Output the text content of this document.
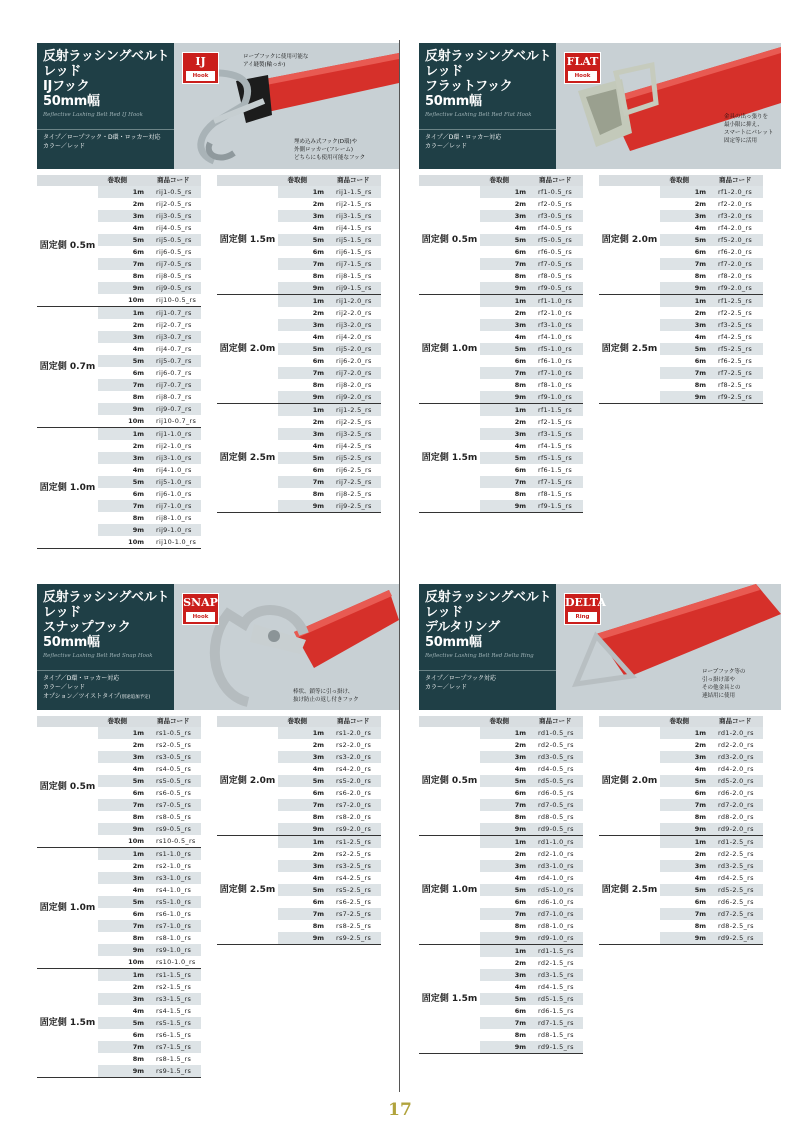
反射ラッシングベルト
レッド
IJフック
50mm幅
Reflective Lashing Belt Red IJ Hook
タイプ／ロープフック・D環・ロッカー対応
カラー／レッド
IJ
Hook
ロープフックに使用可能な
アイ縫製(輪っか)
埋め込み式フック(D環)や
外側ロッカー(フレーム)
どちらにも使用可能なフック
巻取側	商品コード
固定側 0.5m
1m	rij1-0.5_rs
2m	rij2-0.5_rs
3m	rij3-0.5_rs
4m	rij4-0.5_rs
5m	rij5-0.5_rs
6m	rij6-0.5_rs
7m	rij7-0.5_rs
8m	rij8-0.5_rs
9m	rij9-0.5_rs
10m	rij10-0.5_rs
固定側 0.7m
1m	rij1-0.7_rs
2m	rij2-0.7_rs
3m	rij3-0.7_rs
4m	rij4-0.7_rs
5m	rij5-0.7_rs
6m	rij6-0.7_rs
7m	rij7-0.7_rs
8m	rij8-0.7_rs
9m	rij9-0.7_rs
10m	rij10-0.7_rs
固定側 1.0m
1m	rij1-1.0_rs
2m	rij2-1.0_rs
3m	rij3-1.0_rs
4m	rij4-1.0_rs
5m	rij5-1.0_rs
6m	rij6-1.0_rs
7m	rij7-1.0_rs
8m	rij8-1.0_rs
9m	rij9-1.0_rs
10m	rij10-1.0_rs
巻取側	商品コード
固定側 1.5m
1m	rij1-1.5_rs
2m	rij2-1.5_rs
3m	rij3-1.5_rs
4m	rij4-1.5_rs
5m	rij5-1.5_rs
6m	rij6-1.5_rs
7m	rij7-1.5_rs
8m	rij8-1.5_rs
9m	rij9-1.5_rs
固定側 2.0m
1m	rij1-2.0_rs
2m	rij2-2.0_rs
3m	rij3-2.0_rs
4m	rij4-2.0_rs
5m	rij5-2.0_rs
6m	rij6-2.0_rs
7m	rij7-2.0_rs
8m	rij8-2.0_rs
9m	rij9-2.0_rs
固定側 2.5m
1m	rij1-2.5_rs
2m	rij2-2.5_rs
3m	rij3-2.5_rs
4m	rij4-2.5_rs
5m	rij5-2.5_rs
6m	rij6-2.5_rs
7m	rij7-2.5_rs
8m	rij8-2.5_rs
9m	rij9-2.5_rs
反射ラッシングベルト
レッド
フラットフック
50mm幅
Reflective Lashing Belt Red Flat Hook
タイプ／D環・ロッカー対応
カラー／レッド
FLAT
Hook
金具の出っ張りを
最小限に抑え、
スマートにパレット
固定等に活用
巻取側	商品コード
固定側 0.5m
1m	rf1-0.5_rs
2m	rf2-0.5_rs
3m	rf3-0.5_rs
4m	rf4-0.5_rs
5m	rf5-0.5_rs
6m	rf6-0.5_rs
7m	rf7-0.5_rs
8m	rf8-0.5_rs
9m	rf9-0.5_rs
固定側 1.0m
1m	rf1-1.0_rs
2m	rf2-1.0_rs
3m	rf3-1.0_rs
4m	rf4-1.0_rs
5m	rf5-1.0_rs
6m	rf6-1.0_rs
7m	rf7-1.0_rs
8m	rf8-1.0_rs
9m	rf9-1.0_rs
固定側 1.5m
1m	rf1-1.5_rs
2m	rf2-1.5_rs
3m	rf3-1.5_rs
4m	rf4-1.5_rs
5m	rf5-1.5_rs
6m	rf6-1.5_rs
7m	rf7-1.5_rs
8m	rf8-1.5_rs
9m	rf9-1.5_rs
巻取側	商品コード
固定側 2.0m
1m	rf1-2.0_rs
2m	rf2-2.0_rs
3m	rf3-2.0_rs
4m	rf4-2.0_rs
5m	rf5-2.0_rs
6m	rf6-2.0_rs
7m	rf7-2.0_rs
8m	rf8-2.0_rs
9m	rf9-2.0_rs
固定側 2.5m
1m	rf1-2.5_rs
2m	rf2-2.5_rs
3m	rf3-2.5_rs
4m	rf4-2.5_rs
5m	rf5-2.5_rs
6m	rf6-2.5_rs
7m	rf7-2.5_rs
8m	rf8-2.5_rs
9m	rf9-2.5_rs
反射ラッシングベルト
レッド
スナップフック
50mm幅
Reflective Lashing Belt Red Snap Hook
タイプ／D環・ロッカー対応
カラー／レッド
オプション／ツイストタイプ(別途追加予定)
SNAP
Hook
棒状、鎖等に引っ掛け、
抜け防止の返し付きフック
巻取側	商品コード
固定側 0.5m
1m	rs1-0.5_rs
2m	rs2-0.5_rs
3m	rs3-0.5_rs
4m	rs4-0.5_rs
5m	rs5-0.5_rs
6m	rs6-0.5_rs
7m	rs7-0.5_rs
8m	rs8-0.5_rs
9m	rs9-0.5_rs
10m	rs10-0.5_rs
固定側 1.0m
1m	rs1-1.0_rs
2m	rs2-1.0_rs
3m	rs3-1.0_rs
4m	rs4-1.0_rs
5m	rs5-1.0_rs
6m	rs6-1.0_rs
7m	rs7-1.0_rs
8m	rs8-1.0_rs
9m	rs9-1.0_rs
10m	rs10-1.0_rs
固定側 1.5m
1m	rs1-1.5_rs
2m	rs2-1.5_rs
3m	rs3-1.5_rs
4m	rs4-1.5_rs
5m	rs5-1.5_rs
6m	rs6-1.5_rs
7m	rs7-1.5_rs
8m	rs8-1.5_rs
9m	rs9-1.5_rs
巻取側	商品コード
固定側 2.0m
1m	rs1-2.0_rs
2m	rs2-2.0_rs
3m	rs3-2.0_rs
4m	rs4-2.0_rs
5m	rs5-2.0_rs
6m	rs6-2.0_rs
7m	rs7-2.0_rs
8m	rs8-2.0_rs
9m	rs9-2.0_rs
固定側 2.5m
1m	rs1-2.5_rs
2m	rs2-2.5_rs
3m	rs3-2.5_rs
4m	rs4-2.5_rs
5m	rs5-2.5_rs
6m	rs6-2.5_rs
7m	rs7-2.5_rs
8m	rs8-2.5_rs
9m	rs9-2.5_rs
反射ラッシングベルト
レッド
デルタリング
50mm幅
Reflective Lashing Belt Red Delta Ring
タイプ／ロープフック対応
カラー／レッド
DELTA
Ring
ロープフック等の
引っ掛け部や
その他金具との
連結用に使用
巻取側	商品コード
固定側 0.5m
1m	rd1-0.5_rs
2m	rd2-0.5_rs
3m	rd3-0.5_rs
4m	rd4-0.5_rs
5m	rd5-0.5_rs
6m	rd6-0.5_rs
7m	rd7-0.5_rs
8m	rd8-0.5_rs
9m	rd9-0.5_rs
固定側 1.0m
1m	rd1-1.0_rs
2m	rd2-1.0_rs
3m	rd3-1.0_rs
4m	rd4-1.0_rs
5m	rd5-1.0_rs
6m	rd6-1.0_rs
7m	rd7-1.0_rs
8m	rd8-1.0_rs
9m	rd9-1.0_rs
固定側 1.5m
1m	rd1-1.5_rs
2m	rd2-1.5_rs
3m	rd3-1.5_rs
4m	rd4-1.5_rs
5m	rd5-1.5_rs
6m	rd6-1.5_rs
7m	rd7-1.5_rs
8m	rd8-1.5_rs
9m	rd9-1.5_rs
巻取側	商品コード
固定側 2.0m
1m	rd1-2.0_rs
2m	rd2-2.0_rs
3m	rd3-2.0_rs
4m	rd4-2.0_rs
5m	rd5-2.0_rs
6m	rd6-2.0_rs
7m	rd7-2.0_rs
8m	rd8-2.0_rs
9m	rd9-2.0_rs
固定側 2.5m
1m	rd1-2.5_rs
2m	rd2-2.5_rs
3m	rd3-2.5_rs
4m	rd4-2.5_rs
5m	rd5-2.5_rs
6m	rd6-2.5_rs
7m	rd7-2.5_rs
8m	rd8-2.5_rs
9m	rd9-2.5_rs
17
